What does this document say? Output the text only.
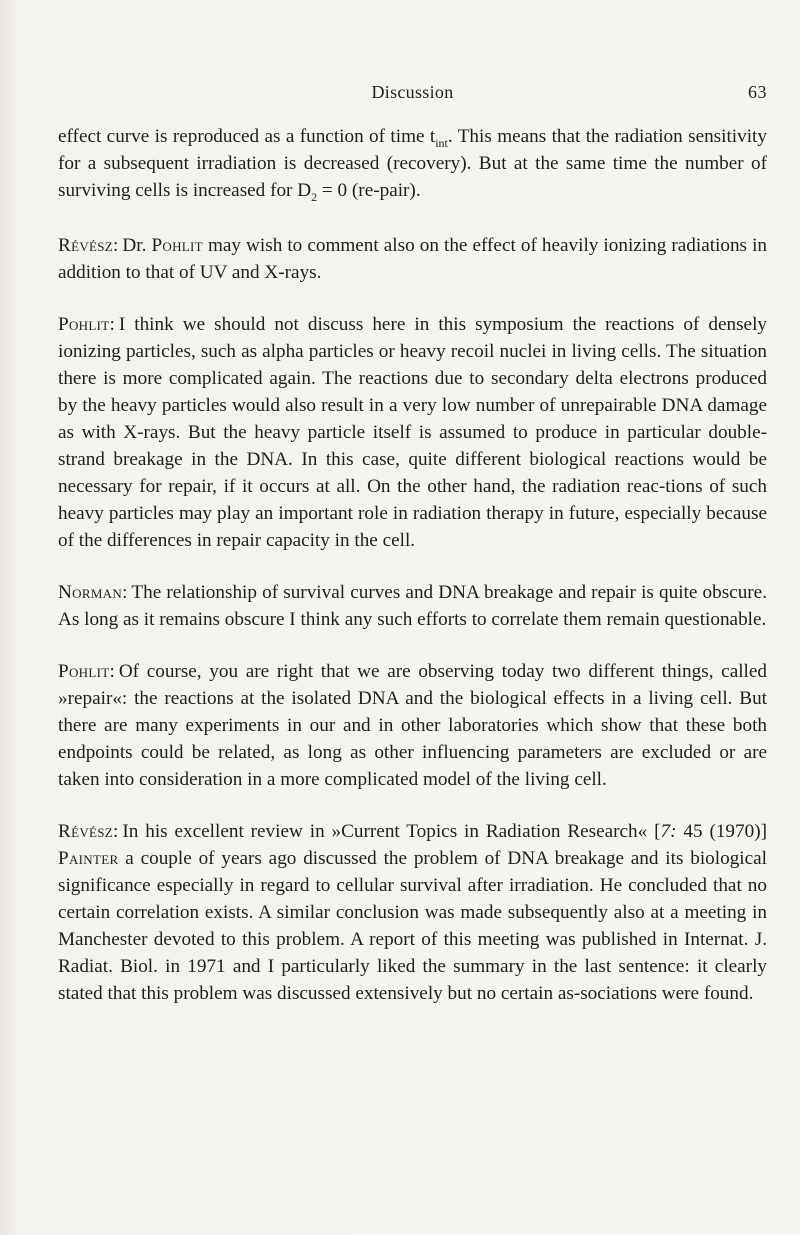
Discussion	63

effect curve is reproduced as a function of time $t_{int}$. This means that the radiation sensitivity for a subsequent irradiation is decreased (recovery). But at the same time the number of surviving cells is increased for $D_2 = 0$ (re-pair).

Révész: Dr. Pohlit may wish to comment also on the effect of heavily ionizing radiations in addition to that of UV and X-rays.

Pohlit: I think we should not discuss here in this symposium the reactions of densely ionizing particles, such as alpha particles or heavy recoil nuclei in living cells. The situation there is more complicated again. The reactions due to secondary delta electrons produced by the heavy particles would also result in a very low number of unrepairable DNA damage as with X-rays. But the heavy particle itself is assumed to produce in particular double-strand breakage in the DNA. In this case, quite different biological reactions would be necessary for repair, if it occurs at all. On the other hand, the radiation reac-tions of such heavy particles may play an important role in radiation therapy in future, especially because of the differences in repair capacity in the cell.

Norman: The relationship of survival curves and DNA breakage and repair is quite obscure. As long as it remains obscure I think any such efforts to correlate them remain questionable.

Pohlit: Of course, you are right that we are observing today two different things, called »repair«: the reactions at the isolated DNA and the biological effects in a living cell. But there are many experiments in our and in other laboratories which show that these both endpoints could be related, as long as other influencing parameters are excluded or are taken into consideration in a more complicated model of the living cell.

Révész: In his excellent review in »Current Topics in Radiation Research« [7: 45 (1970)] Painter a couple of years ago discussed the problem of DNA breakage and its biological significance especially in regard to cellular survival after irradiation. He concluded that no certain correlation exists. A similar conclusion was made subsequently also at a meeting in Manchester devoted to this problem. A report of this meeting was published in Internat. J. Radiat. Biol. in 1971 and I particularly liked the summary in the last sentence: it clearly stated that this problem was discussed extensively but no certain as-sociations were found.
